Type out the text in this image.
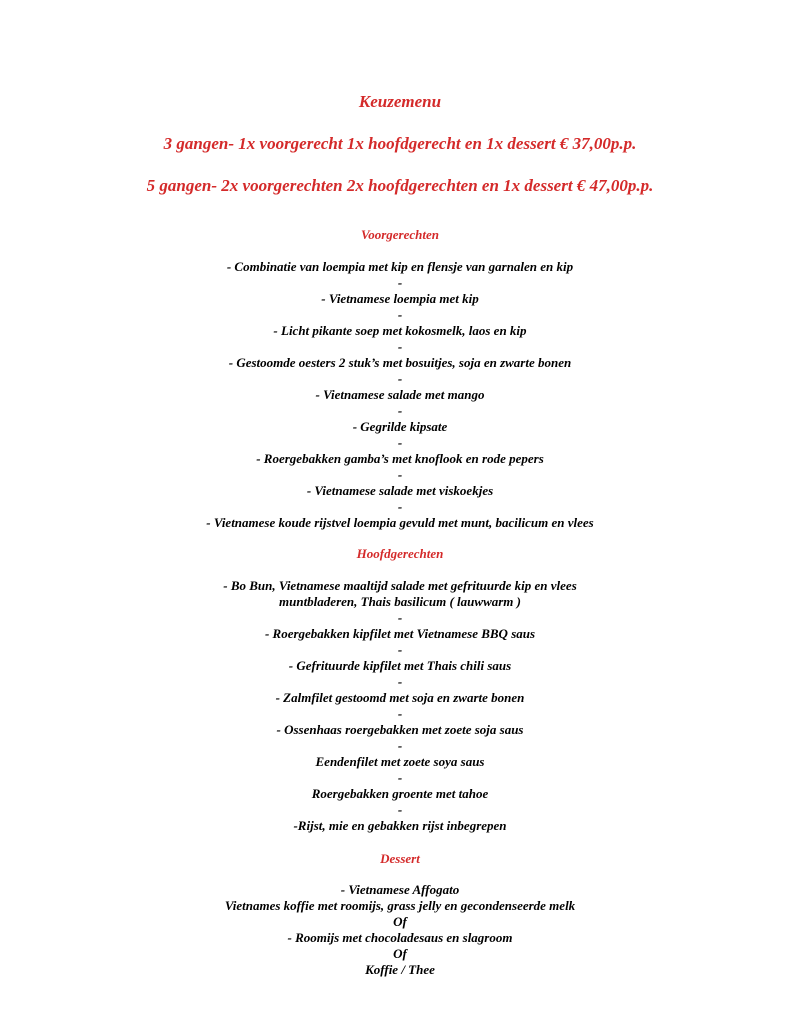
Keuzemenu
3 gangen- 1x voorgerecht 1x hoofdgerecht en 1x dessert € 37,00p.p.
5 gangen- 2x voorgerechten 2x hoofdgerechten en 1x dessert € 47,00p.p.
Voorgerechten
- Combinatie van loempia met kip en flensje van garnalen en kip
-
- Vietnamese loempia met kip
-
- Licht pikante soep met kokosmelk, laos en kip
-
- Gestoomde oesters 2 stuk’s met bosuitjes, soja en zwarte bonen
-
- Vietnamese salade met mango
-
- Gegrilde kipsate
-
- Roergebakken gamba’s met knoflook en rode pepers
-
- Vietnamese salade met viskoekjes
-
- Vietnamese koude rijstvel loempia gevuld met munt, bacilicum en vlees
Hoofdgerechten
- Bo Bun, Vietnamese maaltijd salade met gefrituurde kip en vlees
muntbladeren, Thais basilicum ( lauwwarm )
-
- Roergebakken kipfilet met Vietnamese BBQ saus
-
- Gefrituurde kipfilet met Thais chili saus
-
- Zalmfilet gestoomd met soja en zwarte bonen
-
- Ossenhaas roergebakken met zoete soja saus
-
Eendenfilet met zoete soya saus
-
Roergebakken groente met tahoe
-
-Rijst, mie en gebakken rijst inbegrepen
Dessert
- Vietnamese Affogato
Vietnames koffie met roomijs, grass jelly en gecondenseerde melk
Of
- Roomijs met chocoladesaus en slagroom
Of
Koffie / Thee
